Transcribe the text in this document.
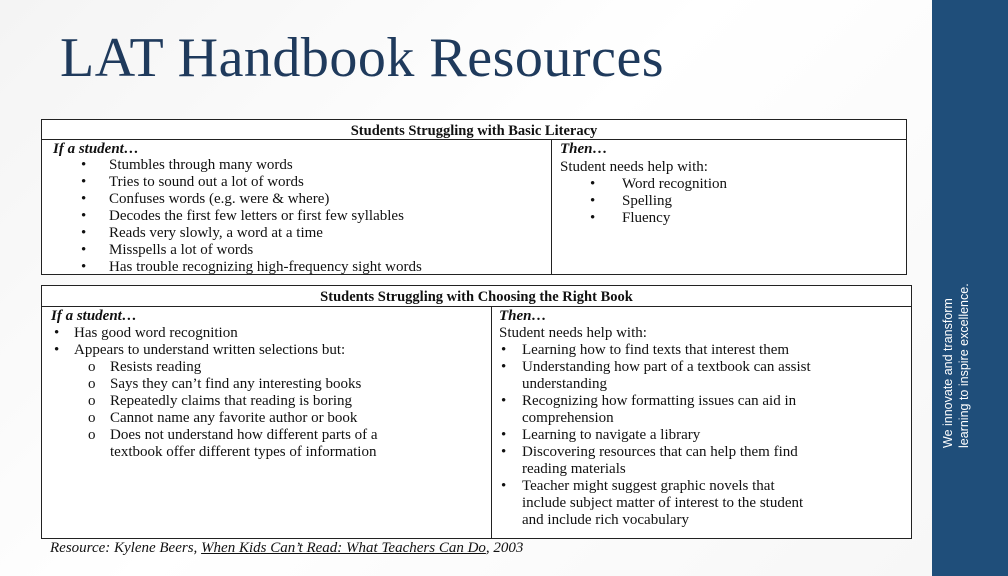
LAT Handbook Resources
We innovate and transform learning to inspire excellence.
Students Struggling with Basic Literacy
If a student…
• Stumbles through many words
• Tries to sound out a lot of words
• Confuses words (e.g. were & where)
• Decodes the first few letters or first few syllables
• Reads very slowly, a word at a time
• Misspells a lot of words
• Has trouble recognizing high-frequency sight words
Then…
Student needs help with:
• Word recognition
• Spelling
• Fluency
Students Struggling with Choosing the Right Book
If a student…
• Has good word recognition
• Appears to understand written selections but:
o Resists reading
o Says they can’t find any interesting books
o Repeatedly claims that reading is boring
o Cannot name any favorite author or book
o Does not understand how different parts of a
textbook offer different types of information
Then…
Student needs help with:
• Learning how to find texts that interest them
• Understanding how part of a textbook can assist
understanding
• Recognizing how formatting issues can aid in
comprehension
• Learning to navigate a library
• Discovering resources that can help them find
reading materials
• Teacher might suggest graphic novels that
include subject matter of interest to the student
and include rich vocabulary
Resource: Kylene Beers, When Kids Can’t Read: What Teachers Can Do, 2003
